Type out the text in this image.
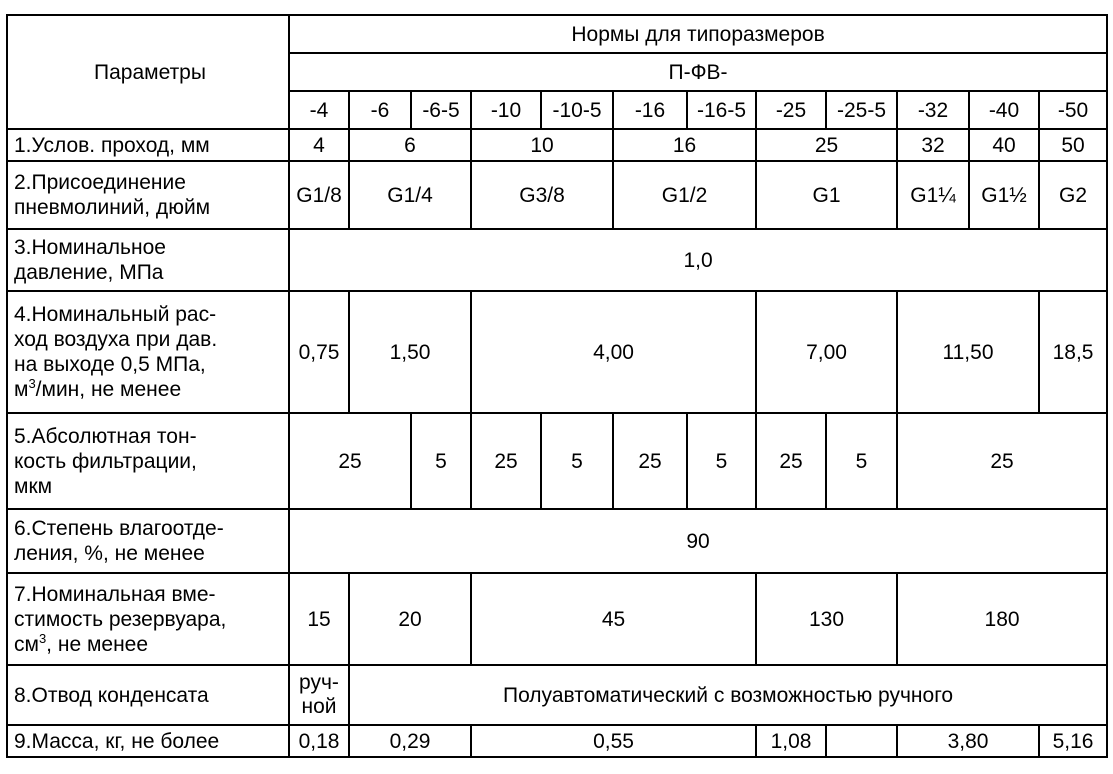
Параметры	Нормы для типоразмеров											
	П-ФВ-											
	-4	-6	-6-5	-10	-10-5	-16	-16-5	-25	-25-5	-32	-40	-50
1.Услов. проход, мм	4	6		10		16		25		32	40	50

2.Присоединение
пневмолиний, дюйм	G1/8	G1/4		G3/8		G1/2		G1		G1¼	G1½	G2

3.Номинальное
давление, МПа	1,0											

4.Номинальный рас-
ход воздуха при дав.
на выходе 0,5 МПа,
$м^3$/мин, не менее	0,75	1,50		4,00				7,00		11,50		18,5

5.Абсолютная тон-
кость фильтрации,
мкм	25		5	25	5	25	5	25	5	25		

6.Степень влагоотде-
ления, %, не менее	90											

7.Номинальная вме-
стимость резервуара,
$см^3$, не менее	15	20		45				130		180		
8.Отвод конденсата	руч-
ной	Полуавтоматический с возможностью ручного										
9.Масса, кг, не более	0,18	0,29		0,55				1,08		3,80		5,16
